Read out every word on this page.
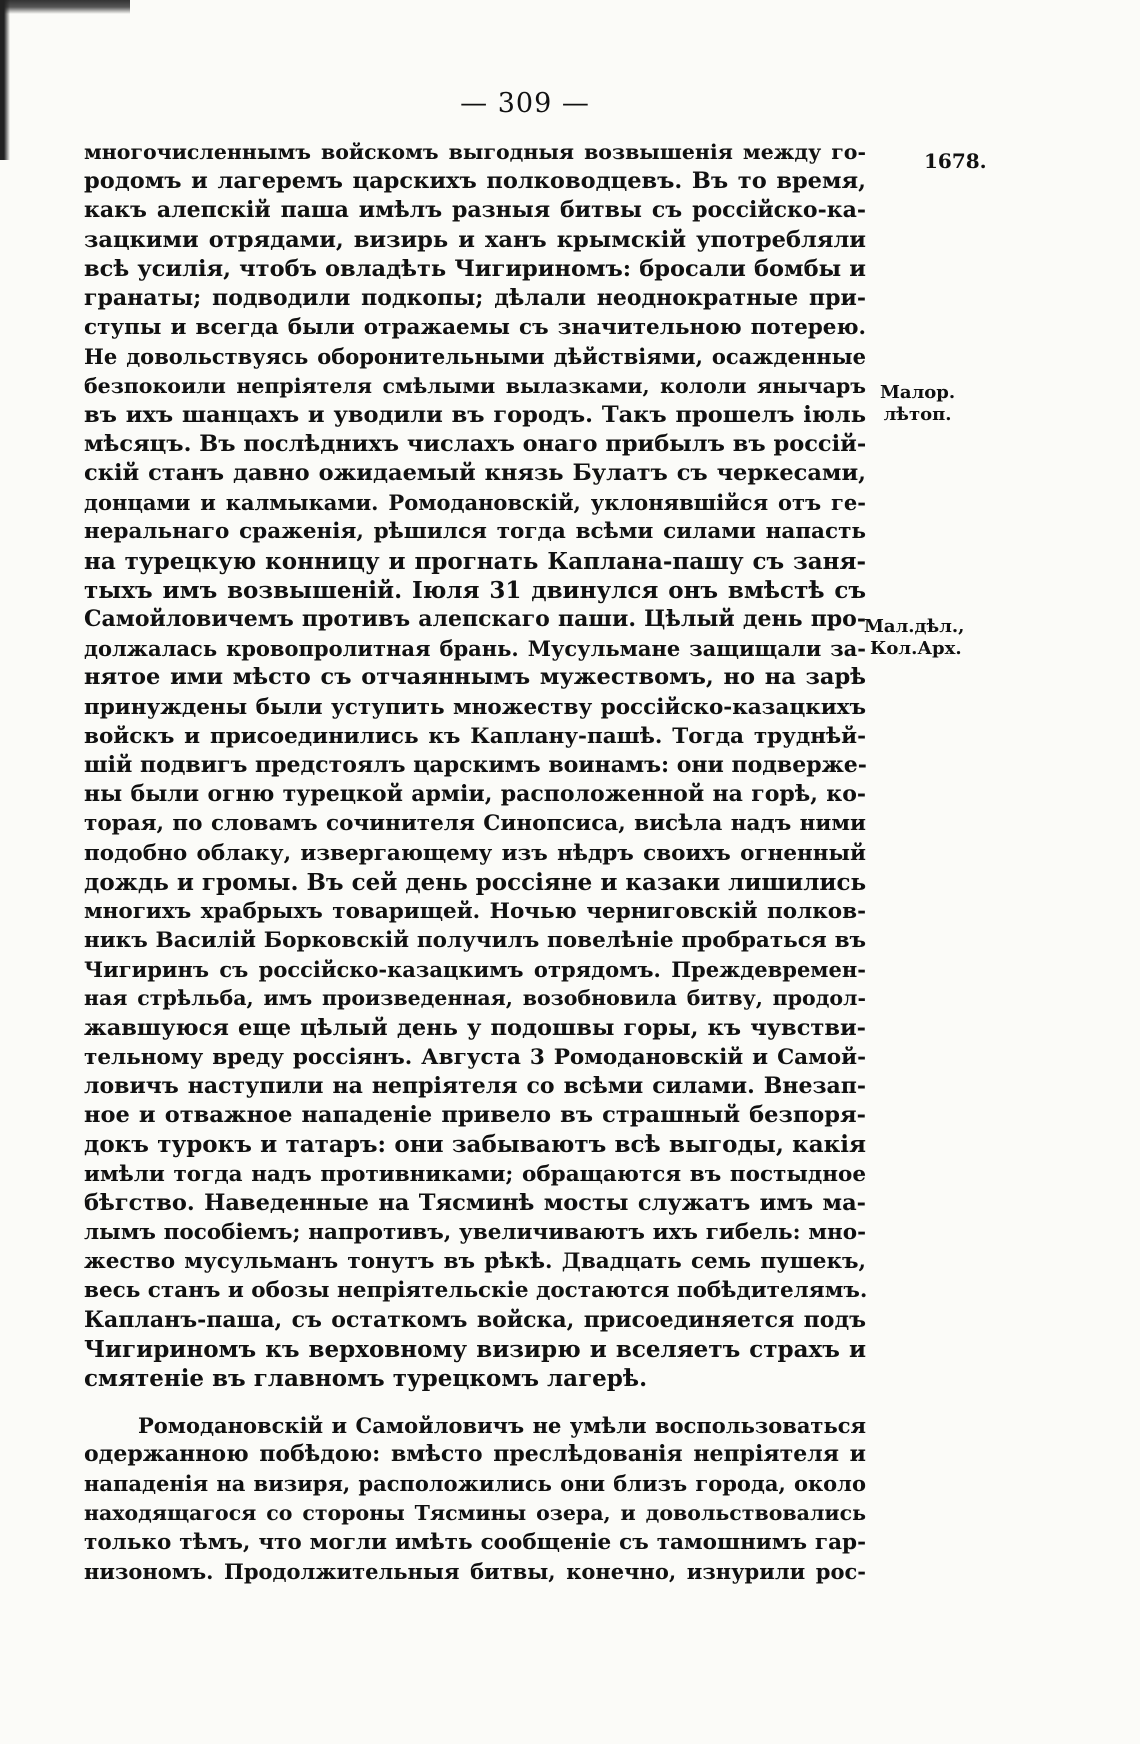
— 309 —
1678.
Малор.
лѣтоп.
Мал.дѣл.,
Кол.Арх.
многочисленнымъ войскомъ выгодныя возвышенія между го-
родомъ и лагеремъ царскихъ полководцевъ. Въ то время,
какъ алепскій паша имѣлъ разныя битвы съ россійско-ка-
зацкими отрядами, визирь и ханъ крымскій употребляли
всѣ усилія, чтобъ овладѣть Чигириномъ: бросали бомбы и
гранаты; подводили подкопы; дѣлали неоднократные при-
ступы и всегда были отражаемы съ значительною потерею.
Не довольствуясь оборонительными дѣйствіями, осажденные
безпокоили непріятеля смѣлыми вылазками, кололи янычаръ
въ ихъ шанцахъ и уводили въ городъ. Такъ прошелъ іюль
мѣсяцъ. Въ послѣднихъ числахъ онаго прибылъ въ россій-
скій станъ давно ожидаемый князь Булатъ съ черкесами,
донцами и калмыками. Ромодановскій, уклонявшійся отъ ге-
неральнаго сраженія, рѣшился тогда всѣми силами напасть
на турецкую конницу и прогнать Каплана-пашу съ заня-
тыхъ имъ возвышеній. Іюля 31 двинулся онъ вмѣстѣ съ
Самойловичемъ противъ алепскаго паши. Цѣлый день про-
должалась кровопролитная брань. Мусульмане защищали за-
нятое ими мѣсто съ отчаяннымъ мужествомъ, но на зарѣ
принуждены были уступить множеству россійско-казацкихъ
войскъ и присоединились къ Каплану-пашѣ. Тогда труднѣй-
шій подвигъ предстоялъ царскимъ воинамъ: они подверже-
ны были огню турецкой арміи, расположенной на горѣ, ко-
торая, по словамъ сочинителя Синопсиса, висѣла надъ ними
подобно облаку, извергающему изъ нѣдръ своихъ огненный
дождь и громы. Въ сей день россіяне и казаки лишились
многихъ храбрыхъ товарищей. Ночью черниговскій полков-
никъ Василій Борковскій получилъ повелѣніе пробраться въ
Чигиринъ съ россійско-казацкимъ отрядомъ. Преждевремен-
ная стрѣльба, имъ произведенная, возобновила битву, продол-
жавшуюся еще цѣлый день у подошвы горы, къ чувстви-
тельному вреду россіянъ. Августа 3 Ромодановскій и Самой-
ловичъ наступили на непріятеля со всѣми силами. Внезап-
ное и отважное нападеніе привело въ страшный безпоря-
докъ турокъ и татаръ: они забываютъ всѣ выгоды, какія
имѣли тогда надъ противниками; обращаются въ постыдное
бѣгство. Наведенные на Тясминѣ мосты служатъ имъ ма-
лымъ пособіемъ; напротивъ, увеличиваютъ ихъ гибель: мно-
жество мусульманъ тонутъ въ рѣкѣ. Двадцать семь пушекъ,
весь станъ и обозы непріятельскіе достаются побѣдителямъ.
Капланъ-паша, съ остаткомъ войска, присоединяется подъ
Чигириномъ къ верховному визирю и вселяетъ страхъ и
смятеніе въ главномъ турецкомъ лагерѣ.
Ромодановскій и Самойловичъ не умѣли воспользоваться
одержанною побѣдою: вмѣсто преслѣдованія непріятеля и
нападенія на визиря, расположились они близъ города, около
находящагося со стороны Тясмины озера, и довольствовались
только тѣмъ, что могли имѣть сообщеніе съ тамошнимъ гар-
низономъ. Продолжительныя битвы, конечно, изнурили рос-
